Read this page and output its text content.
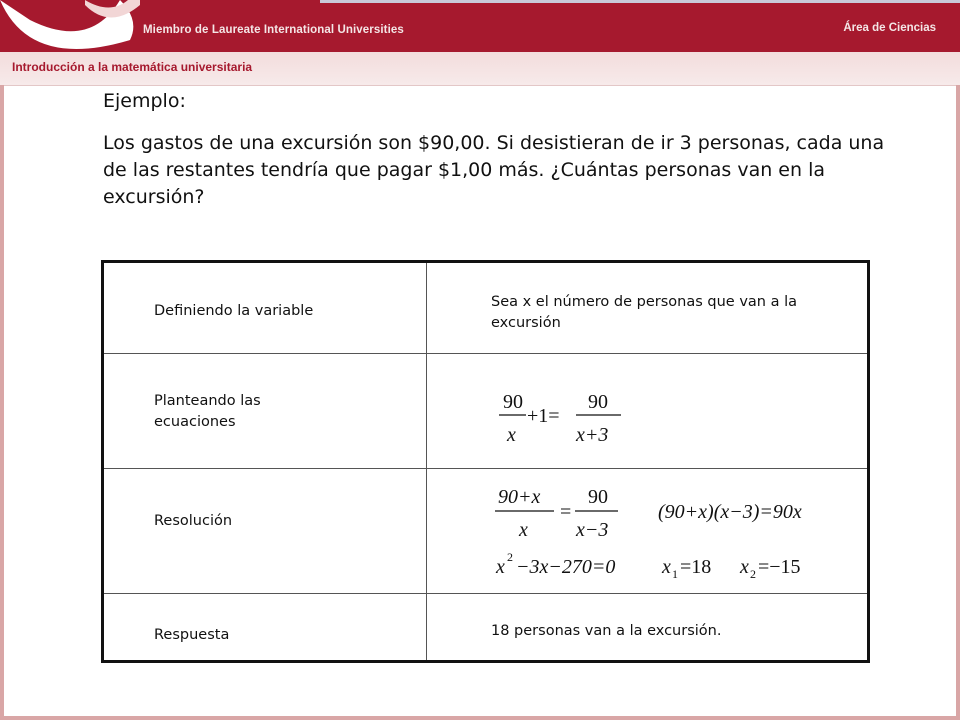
Miembro de Laureate International Universities	Área de Ciencias
Introducción a la matemática universitaria
Ejemplo:
Los gastos de una excursión son $90,00. Si desistieran de ir 3 personas, cada una de las restantes tendría que pagar $1,00 más. ¿Cuántas personas van en la excursión?
Definiendo la variable
Sea x el número de personas que van a la excursión
Planteando las ecuaciones
90
x
+1=
90
x+3
Resolución
90+x
x
=
90
x−3
(90+x)(x−3)=90x
x 2 −3x−270=0 x 1 =18 x 2 =−15
Respuesta	18 personas van a la excursión.
